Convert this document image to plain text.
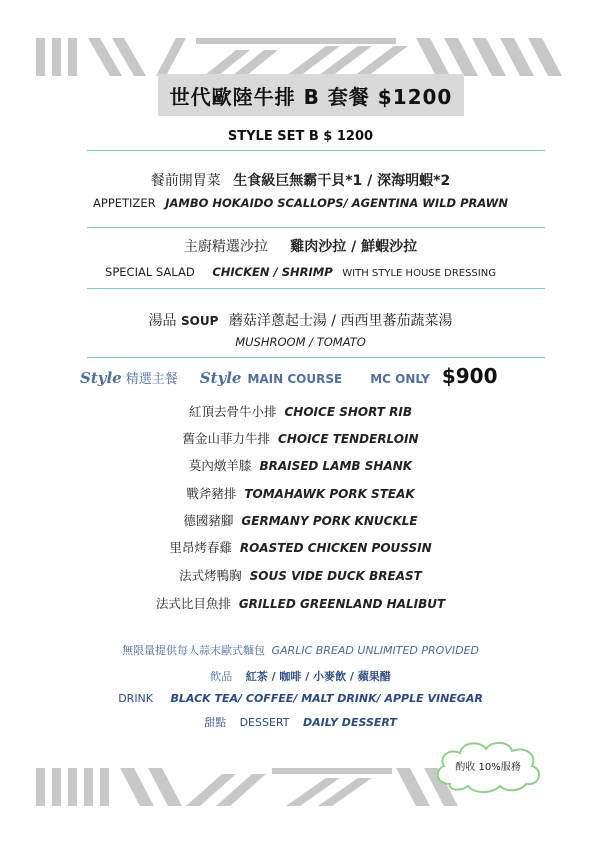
世代歐陸牛排 B 套餐 $1200
STYLE SET B $ 1200
餐前開胃菜 生食級巨無霸干貝*1 / 深海明蝦*2
APPETIZER JAMBO HOKAIDO SCALLOPS/ AGENTINA WILD PRAWN
主廚精選沙拉 雞肉沙拉 / 鮮蝦沙拉
SPECIAL SALAD CHICKEN / SHRIMP WITH STYLE HOUSE DRESSING
湯品 SOUP 蘑菇洋蔥起士湯 / 西西里蕃茄蔬菜湯
MUSHROOM / TOMATO
Style 精選主餐 Style MAIN COURSE MC ONLY $900
紅頂去骨牛小排 CHOICE SHORT RIB
舊金山菲力牛排 CHOICE TENDERLOIN
莫內燉羊膝 BRAISED LAMB SHANK
戰斧豬排 TOMAHAWK PORK STEAK
德國豬腳 GERMANY PORK KNUCKLE
里昂烤春雞 ROASTED CHICKEN POUSSIN
法式烤鴨胸 SOUS VIDE DUCK BREAST
法式比目魚排 GRILLED GREENLAND HALIBUT
無限量提供每人蒜末歐式麵包 GARLIC BREAD UNLIMITED PROVIDED
飲品 紅茶 / 咖啡 / 小麥飲 / 蘋果醋
DRINK BLACK TEA/ COFFEE/ MALT DRINK/ APPLE VINEGAR
甜點 DESSERT DAILY DESSERT
酌收 10%服務
